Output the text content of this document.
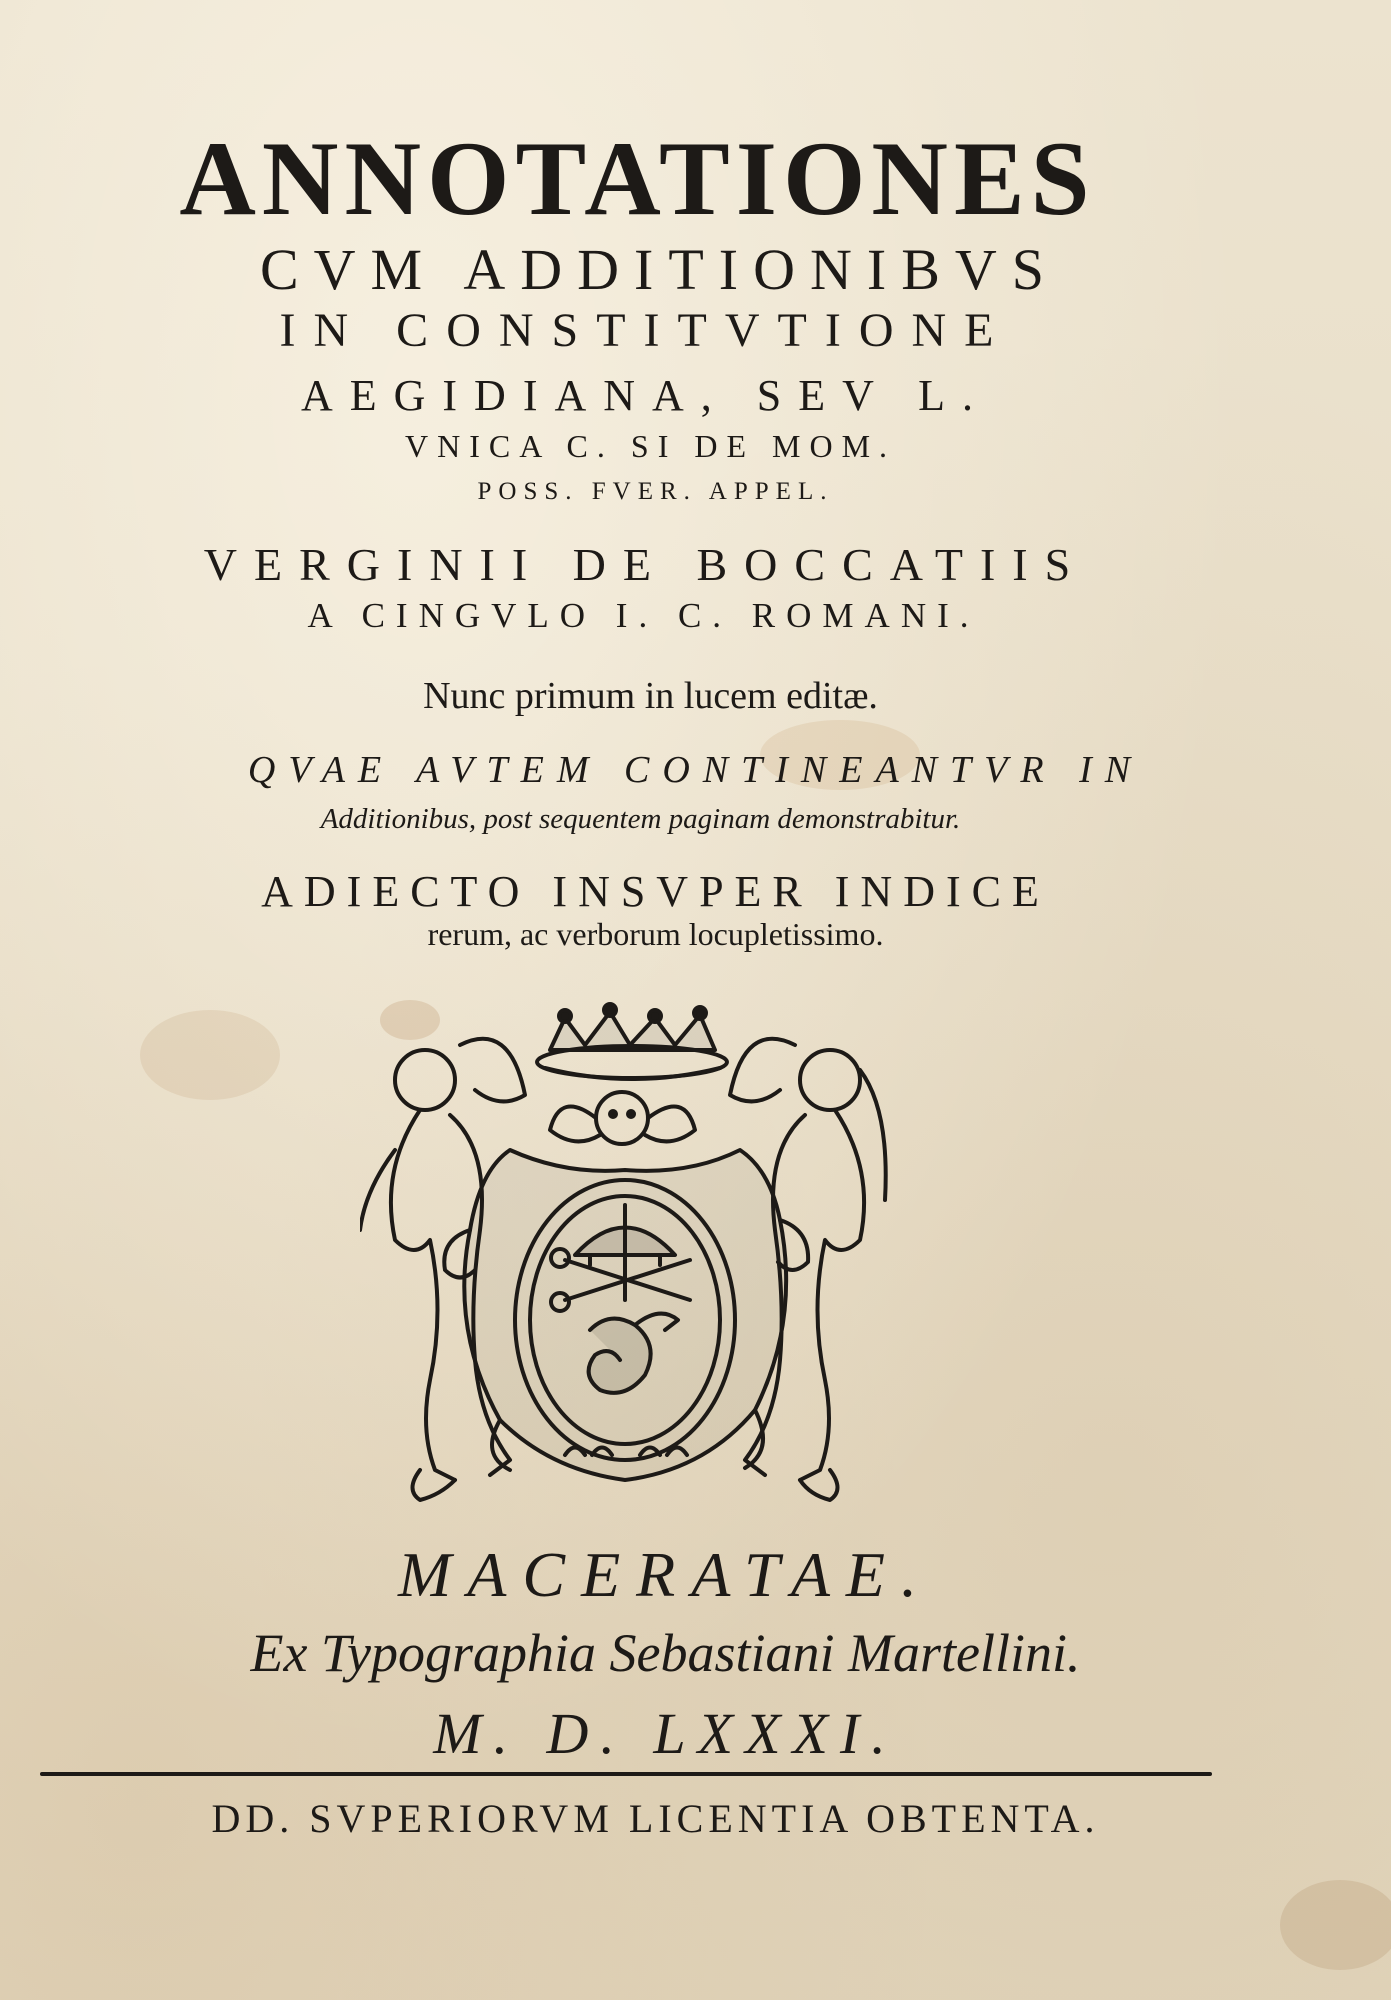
ANNOTATIONES

CVM ADDITIONIBVS

IN CONSTITVTIONE

AEGIDIANA, SEV L.

VNICA C. SI DE MOM.

POSS. FVER. APPEL.

VERGINII DE BOCCATIIS

A CINGVLO I. C. ROMANI.

Nunc primum in lucem editæ.

QVAE AVTEM CONTINEANTVR IN

Additionibus, post sequentem paginam demonstrabitur.

ADIECTO INSVPER INDICE

rerum, ac verborum locupletissimo.

MACERATAE.

Ex Typographia Sebastiani Martellini.

M. D. LXXXI.

DD. SVPERIORVM LICENTIA OBTENTA.
